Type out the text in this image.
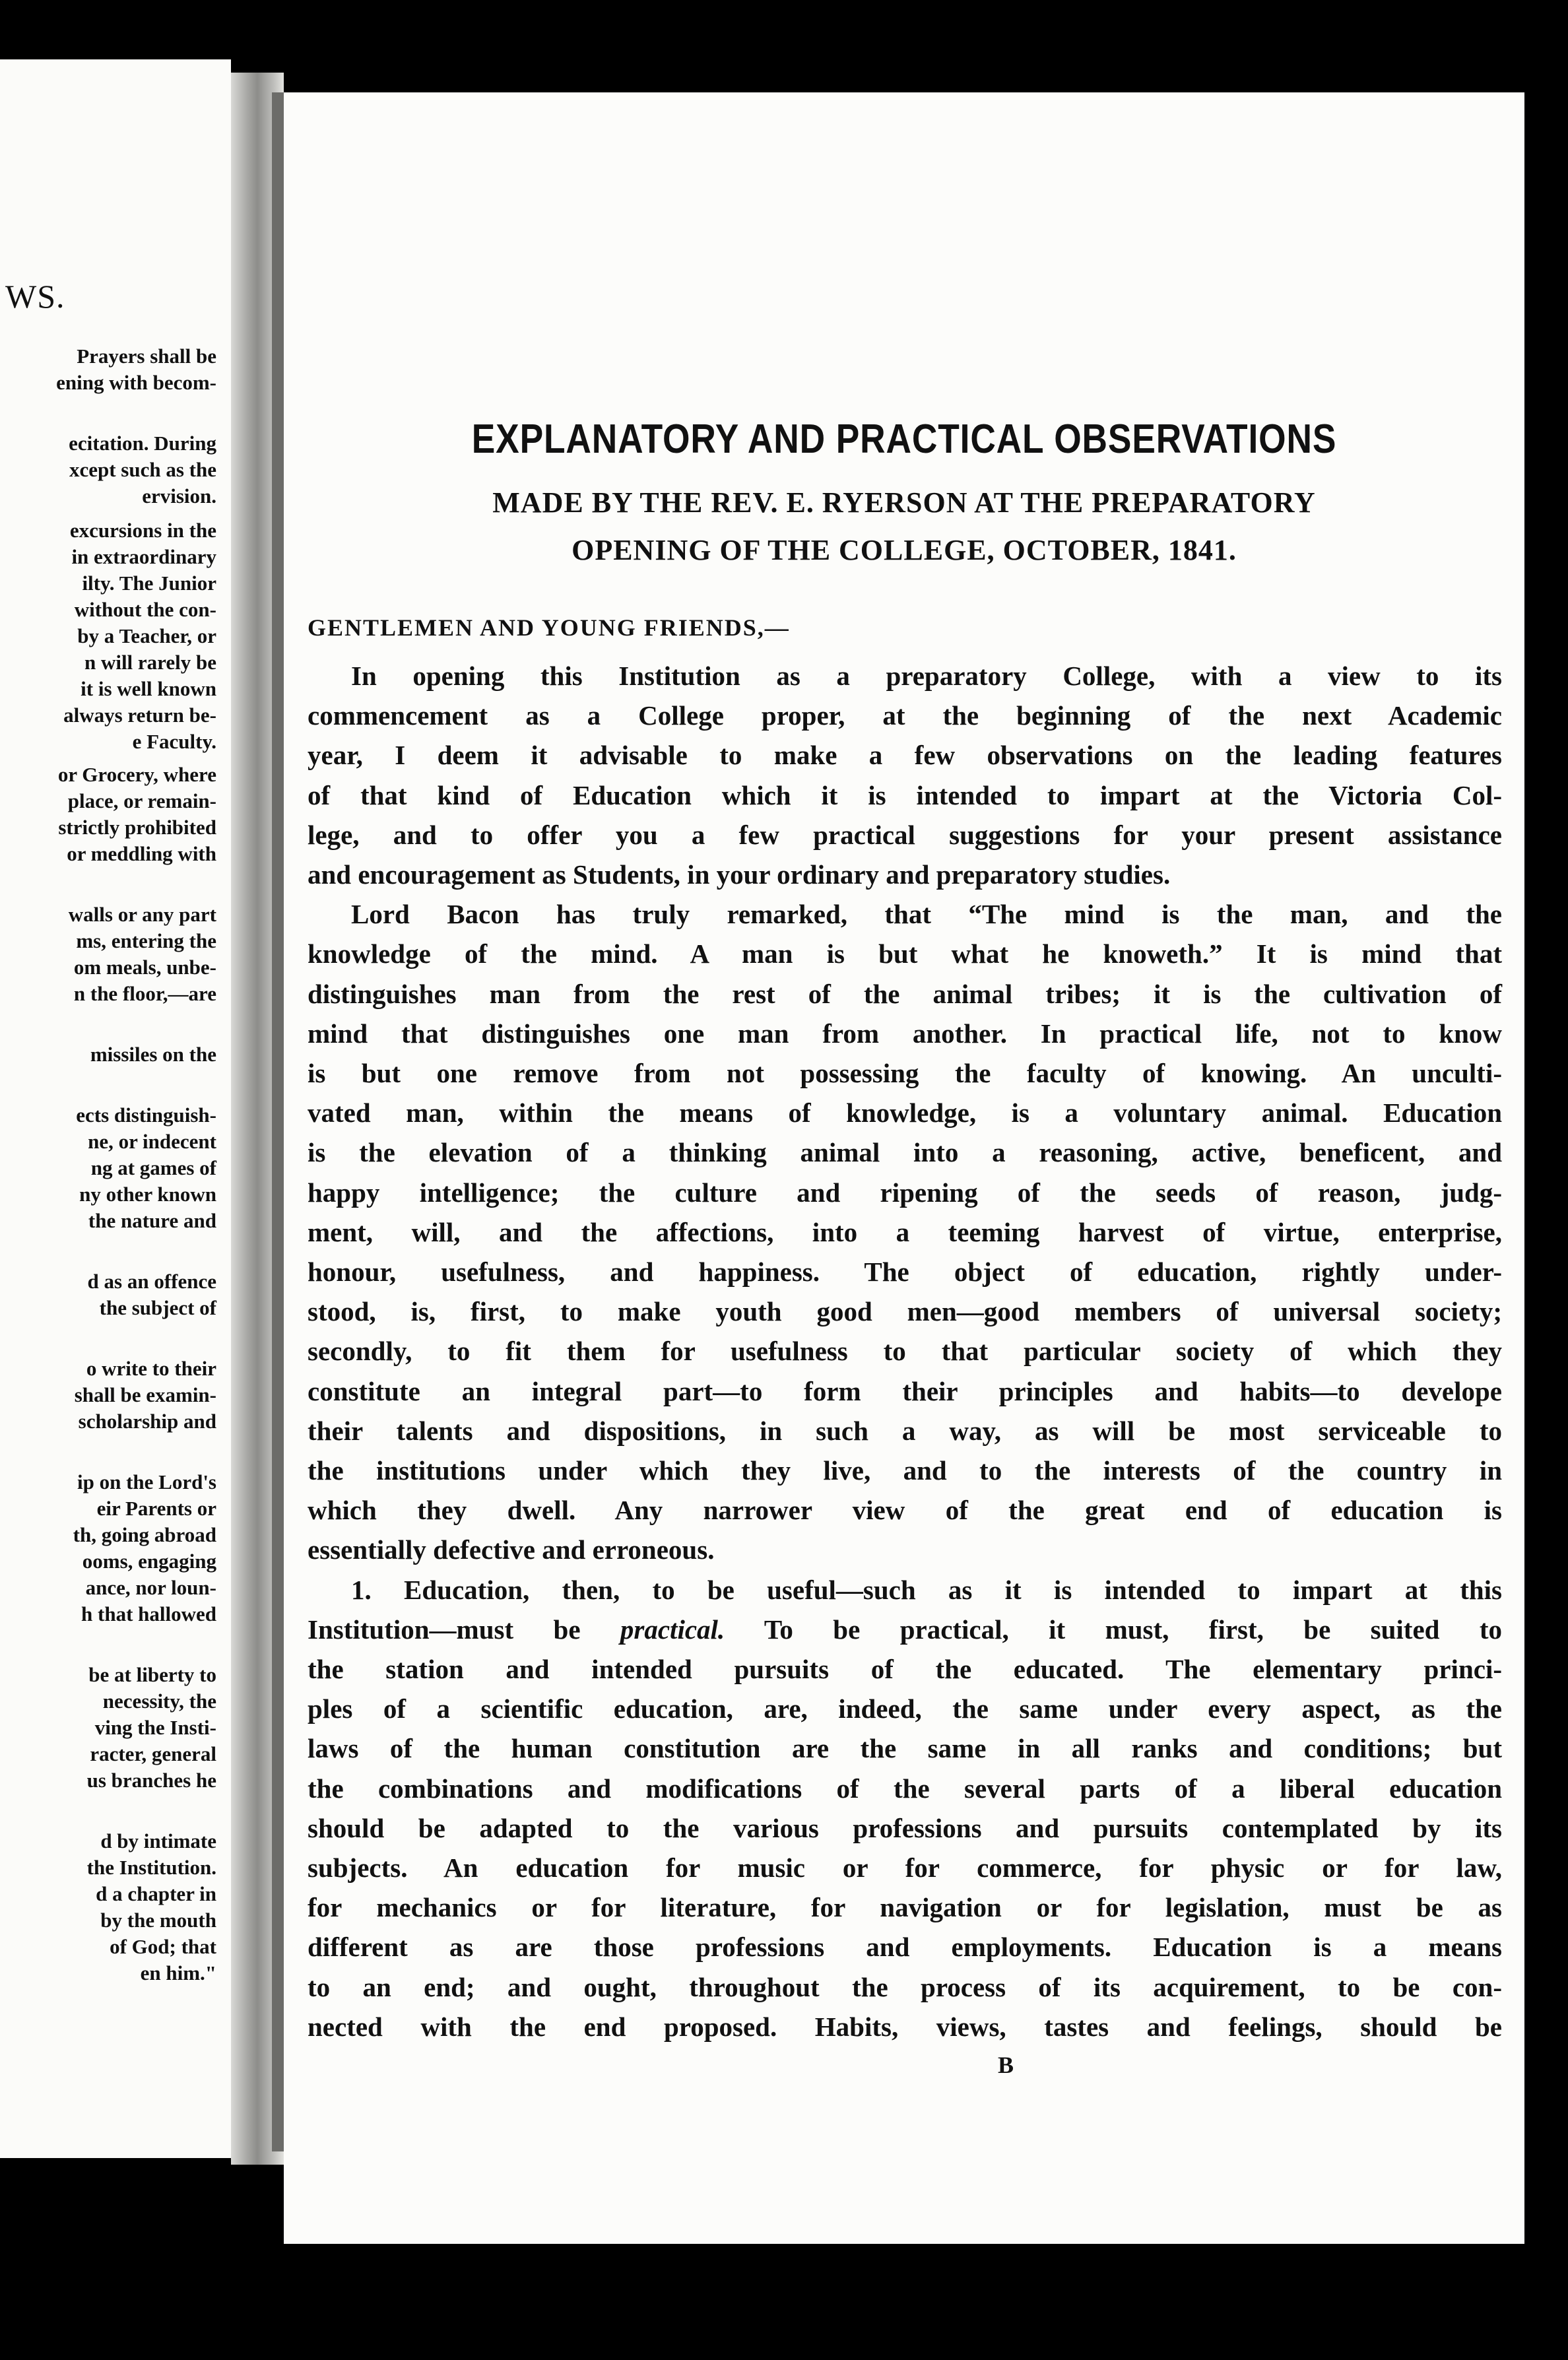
WS.
Prayers shall be
ening with becom-
ecitation. During
xcept such as the
ervision.
excursions in the
in extraordinary
ilty. The Junior
without the con-
by a Teacher, or
n will rarely be
it is well known
always return be-
e Faculty.
or Grocery, where
place, or remain-
strictly prohibited
or meddling with
walls or any part
ms, entering the
om meals, unbe-
n the floor,—are
missiles on the
ects distinguish-
ne, or indecent
ng at games of
ny other known
the nature and
d as an offence
the subject of
o write to their
shall be examin-
scholarship and
ip on the Lord's
eir Parents or
th, going abroad
ooms, engaging
ance, nor loun-
h that hallowed
be at liberty to
necessity, the
ving the Insti-
racter, general
us branches he
d by intimate
the Institution.
d a chapter in
by the mouth
of God; that
en him."
EXPLANATORY AND PRACTICAL OBSERVATIONS
MADE BY THE REV. E. RYERSON AT THE PREPARATORY
OPENING OF THE COLLEGE, OCTOBER, 1841.
GENTLEMEN AND YOUNG FRIENDS,—
In opening this Institution as a preparatory College, with a view to its
commencement as a College proper, at the beginning of the next Academic
year, I deem it advisable to make a few observations on the leading features
of that kind of Education which it is intended to impart at the Victoria Col-
lege, and to offer you a few practical suggestions for your present assistance
and encouragement as Students, in your ordinary and preparatory studies.
Lord Bacon has truly remarked, that “The mind is the man, and the
knowledge of the mind. A man is but what he knoweth.” It is mind that
distinguishes man from the rest of the animal tribes; it is the cultivation of
mind that distinguishes one man from another. In practical life, not to know
is but one remove from not possessing the faculty of knowing. An unculti-
vated man, within the means of knowledge, is a voluntary animal. Education
is the elevation of a thinking animal into a reasoning, active, beneficent, and
happy intelligence; the culture and ripening of the seeds of reason, judg-
ment, will, and the affections, into a teeming harvest of virtue, enterprise,
honour, usefulness, and happiness. The object of education, rightly under-
stood, is, first, to make youth good men—good members of universal society;
secondly, to fit them for usefulness to that particular society of which they
constitute an integral part—to form their principles and habits—to develope
their talents and dispositions, in such a way, as will be most serviceable to
the institutions under which they live, and to the interests of the country in
which they dwell. Any narrower view of the great end of education is
essentially defective and erroneous.
1. Education, then, to be useful—such as it is intended to impart at this
Institution—must be practical. To be practical, it must, first, be suited to
the station and intended pursuits of the educated. The elementary princi-
ples of a scientific education, are, indeed, the same under every aspect, as the
laws of the human constitution are the same in all ranks and conditions; but
the combinations and modifications of the several parts of a liberal education
should be adapted to the various professions and pursuits contemplated by its
subjects. An education for music or for commerce, for physic or for law,
for mechanics or for literature, for navigation or for legislation, must be as
different as are those professions and employments. Education is a means
to an end; and ought, throughout the process of its acquirement, to be con-
nected with the end proposed. Habits, views, tastes and feelings, should be
B
